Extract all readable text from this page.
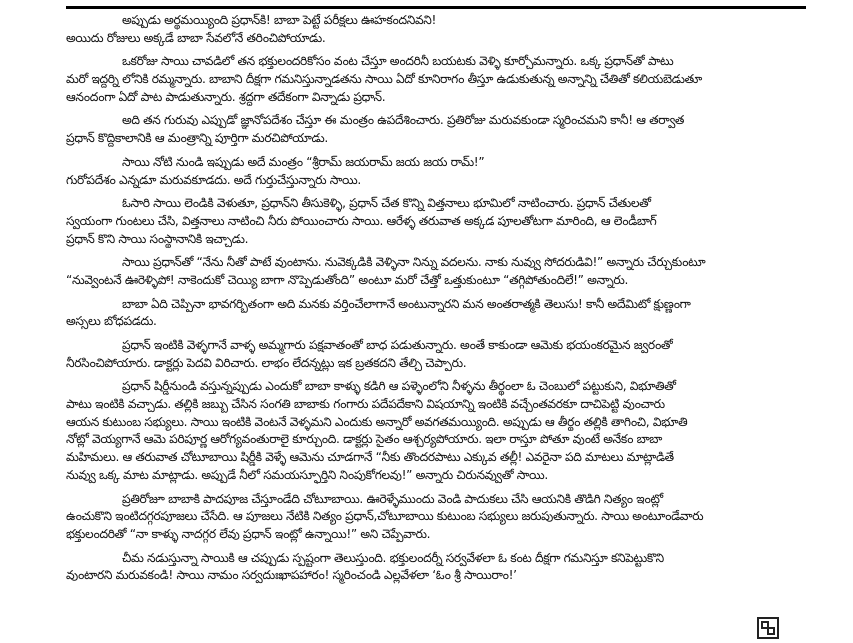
అప్పుడు అర్థమయ్యింది ప్రధాన్‌కి! బాబా పెట్టే పరీక్షలు ఊహకందనివని!
అయిదు రోజులు అక్కడే బాబా సేవలోనే తరించిపోయాడు.
ఒకరోజు సాయి చావడిలో తన భక్తులందరికోసం వంట చేస్తూ అందరినీ బయటకు వెళ్ళి కూర్చోమన్నారు. ఒక్క ప్రధాన్‌తో పాటు
మరో ఇద్దర్ని లోనికి రమ్మన్నారు. బాబాని దీక్షగా గమనిస్తున్నాడతను సాయి ఏదో కూనిరాగం తీస్తూ ఉడుకుతున్న అన్నాన్ని చేతితో కలియబెడుతూ
ఆనందంగా ఏదో పాట పాడుతున్నారు. శ్రద్ధగా తదేకంగా విన్నాడు ప్రధాన్.
అది తన గురువు ఎప్పుడో జ్ఞానోపదేశం చేస్తూ ఈ మంత్రం ఉపదేశించారు. ప్రతిరోజు మరువకుండా స్మరించమని కానీ! ఆ తర్వాత
ప్రధాన్ కొద్దికాలానికి ఆ మంత్రాన్ని పూర్తిగా మరచిపోయాడు.
సాయి నోటి నుండి ఇప్పుడు అదే మంత్రం “శ్రీరామ్ జయరామ్ జయ జయ రామ్!”
గురోపదేశం ఎన్నడూ మరువకూడదు. అదే గుర్తుచేస్తున్నారు సాయి.
ఓసారి సాయి లెండికి వెళుతూ, ప్రధాన్‌ని తీసుకెళ్ళి, ప్రధాన్ చేత కొన్ని విత్తనాలు భూమిలో నాటించారు. ప్రధాన్ చేతులతో
స్వయంగా గుంటలు చేసి, విత్తనాలు నాటించి నీరు పోయించారు సాయి. ఆరేళ్ళ తరువాత అక్కడ పూలతోటగా మారింది, ఆ లెండీబాగ్
ప్రధాన్ కొని సాయి సంస్థానానికి ఇచ్చాడు.
సాయి ప్రధాన్‌తో “నేను నీతో పాటే వుంటాను. నువెక్కడికి వెళ్ళినా నిన్ను వదలను. నాకు నువ్వు సోదరుడివి!” అన్నారు చేర్చుకుంటూ
“నువ్వెంటనే ఊరెళ్ళిపో! నాకెందుకో చెయ్యి బాగా నొప్పెడుతోంది” అంటూ మరో చేత్తో ఒత్తుకుంటూ “తగ్గిపోతుందిలే!” అన్నారు.
బాబా ఏది చెప్పినా భావగర్భితంగా అది మనకు వర్తించేలాగానే అంటున్నారని మన అంతరాత్మకి తెలుసు! కానీ అదేమిటో క్షుణ్ణంగా
అస్సలు బోధపడదు.
ప్రధాన్ ఇంటికి వెళ్ళగానే వాళ్ళ అమ్మగారు పక్షవాతంతో బాధ పడుతున్నారు. అంతే కాకుండా ఆమెకు భయంకరమైన జ్వరంతో
నీరసించిపోయారు. డాక్టర్లు పెదవి విరిచారు. లాభం లేదన్నట్లు ఇక బ్రతకదని తేల్చి చెప్పారు.
ప్రధాన్ షిర్డీనుండి వస్తున్నప్పుడు ఎందుకో బాబా కాళ్ళు కడిగి ఆ పళ్ళెంలోని నీళ్ళను తీర్థంలా ఓ చెంబులో పట్టుకుని, విభూతితో
పాటు ఇంటికి వచ్చాడు. తల్లికి జబ్బు చేసిన సంగతి బాబాకు గంగారు పదేపదేకాని విషయాన్ని ఇంటికి వచ్చేంతవరకూ దాచిపెట్టి వుంచారు
ఆయన కుటుంబ సభ్యులు. సాయి ఇంటికి వెంటనే వెళ్ళమని ఎందుకు అన్నారో అవగతమయ్యింది. అప్పుడు ఆ తీర్థం తల్లికి తాగించి, విభూతి
నోట్లో వెయ్యగానే ఆమె పరిపూర్ణ ఆరోగ్యవంతురాలై కూర్చుంది. డాక్టర్లు సైతం ఆశ్చర్యపోయారు. ఇలా రాస్తూ పోతూ వుంటే అనేకం బాబా
మహిమలు. ఆ తరువాత చోటూబాయి షిర్డీకి వెళ్ళే ఆమెను చూడగానే “నీకు తొందరపాటు ఎక్కువ తల్లీ! ఎవరైనా పది మాటలు మాట్లాడితే
నువ్వు ఒక్క మాట మాట్లాడు. అప్పుడే నీలో సమయస్ఫూర్తిని నింపుకోగలవు!” అన్నారు చిరునవ్వుతో సాయి.
ప్రతిరోజూ బాబాకి పాదపూజ చేస్తూండేది చోటూబాయి. ఊరెళ్ళేముందు వెండి పాదుకలు చేసి ఆయనికి తొడిగి నిత్యం ఇంట్లో
ఉంచుకొని ఇంటిదగ్గరపూజలు చేసేది. ఆ పూజలు నేటికి నిత్యం ప్రధాన్,చోటూబాయి కుటుంబ సభ్యులు జరుపుతున్నారు. సాయి అంటూండేవారు
భక్తులందరితో “నా కాళ్ళు నాదగ్గర లేవు ప్రధాన్ ఇంట్లో ఉన్నాయి!” అని చెప్పేవారు.
చీమ నడుస్తున్నా సాయికి ఆ చప్పుడు స్పష్టంగా తెలుస్తుంది. భక్తులందర్నీ సర్వవేళలా ఓ కంట దీక్షగా గమనిస్తూ కనిపెట్టుకొని
వుంటారని మరువకండి! సాయి నామం సర్వదుఃఖాపహారం! స్మరించండి ఎల్లవేళలా ‘ఓం శ్రీ సాయిరాం!’
